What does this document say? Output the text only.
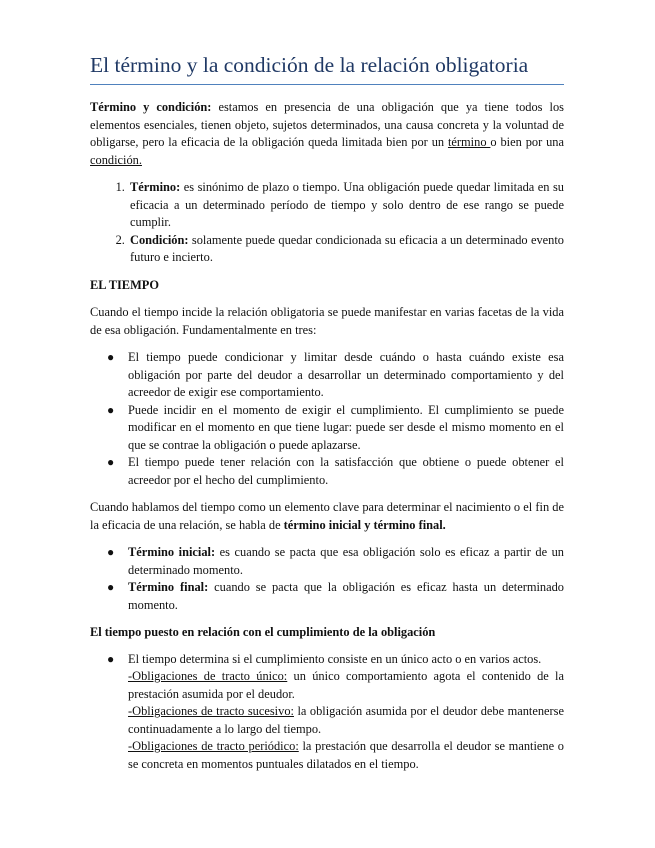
El término y la condición de la relación obligatoria

Término y condición: estamos en presencia de una obligación que ya tiene todos los elementos esenciales, tienen objeto, sujetos determinados, una causa concreta y la voluntad de obligarse, pero la eficacia de la obligación queda limitada bien por un término o bien por una condición.

1. Término: es sinónimo de plazo o tiempo. Una obligación puede quedar limitada en su eficacia a un determinado período de tiempo y solo dentro de ese rango se puede cumplir.
2. Condición: solamente puede quedar condicionada su eficacia a un determinado evento futuro e incierto.

EL TIEMPO

Cuando el tiempo incide la relación obligatoria se puede manifestar en varias facetas de la vida de esa obligación. Fundamentalmente en tres:

● El tiempo puede condicionar y limitar desde cuándo o hasta cuándo existe esa obligación por parte del deudor a desarrollar un determinado comportamiento y del acreedor de exigir ese comportamiento.
● Puede incidir en el momento de exigir el cumplimiento. El cumplimiento se puede modificar en el momento en que tiene lugar: puede ser desde el mismo momento en el que se contrae la obligación o puede aplazarse.
● El tiempo puede tener relación con la satisfacción que obtiene o puede obtener el acreedor por el hecho del cumplimiento.

Cuando hablamos del tiempo como un elemento clave para determinar el nacimiento o el fin de la eficacia de una relación, se habla de término inicial y término final.

● Término inicial: es cuando se pacta que esa obligación solo es eficaz a partir de un determinado momento.
● Término final: cuando se pacta que la obligación es eficaz hasta un determinado momento.

El tiempo puesto en relación con el cumplimiento de la obligación

● El tiempo determina si el cumplimiento consiste en un único acto o en varios actos.
-Obligaciones de tracto único: un único comportamiento agota el contenido de la prestación asumida por el deudor.
-Obligaciones de tracto sucesivo: la obligación asumida por el deudor debe mantenerse continuadamente a lo largo del tiempo.
-Obligaciones de tracto periódico: la prestación que desarrolla el deudor se mantiene o se concreta en momentos puntuales dilatados en el tiempo.
